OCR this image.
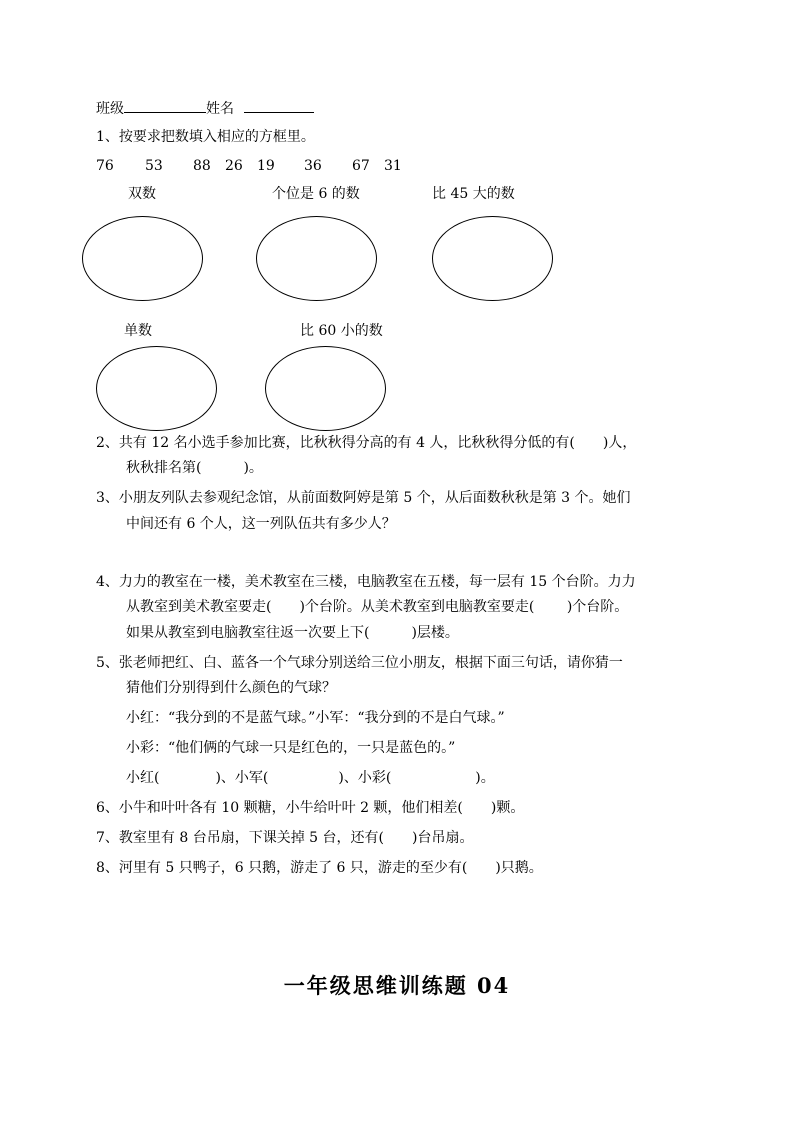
班级	姓名
1、按要求把数填入相应的方框里。
76 53 88 26 19 36 67 31
双数	个位是 6 的数	比 45 大的数
单数	比 60 小的数
2、共有 12 名小选手参加比赛，比秋秋得分高的有 4 人，比秋秋得分低的有(　　)人，
秋秋排名第(　　　)。
3、小朋友列队去参观纪念馆，从前面数阿婷是第 5 个，从后面数秋秋是第 3 个。她们
中间还有 6 个人，这一列队伍共有多少人？
4、力力的教室在一楼，美术教室在三楼，电脑教室在五楼，每一层有 15 个台阶。力力
从教室到美术教室要走(　　)个台阶。从美术教室到电脑教室要走(　　 )个台阶。
如果从教室到电脑教室往返一次要上下(　　　)层楼。
5、张老师把红、白、蓝各一个气球分别送给三位小朋友，根据下面三句话，请你猜一
猜他们分别得到什么颜色的气球？
小红：“我分到的不是蓝气球。”小军：“我分到的不是白气球。”
小彩：“他们俩的气球一只是红色的，一只是蓝色的。”
小红(　　　　)、小军(　　　　　)、小彩(　　　　　　)。
6、小牛和叶叶各有 10 颗糖，小牛给叶叶 2 颗，他们相差(　　)颗。
7、教室里有 8 台吊扇，下课关掉 5 台，还有(　　)台吊扇。
8、河里有 5 只鸭子，6 只鹅，游走了 6 只，游走的至少有(　　)只鹅。
一年级思维训练题 04
